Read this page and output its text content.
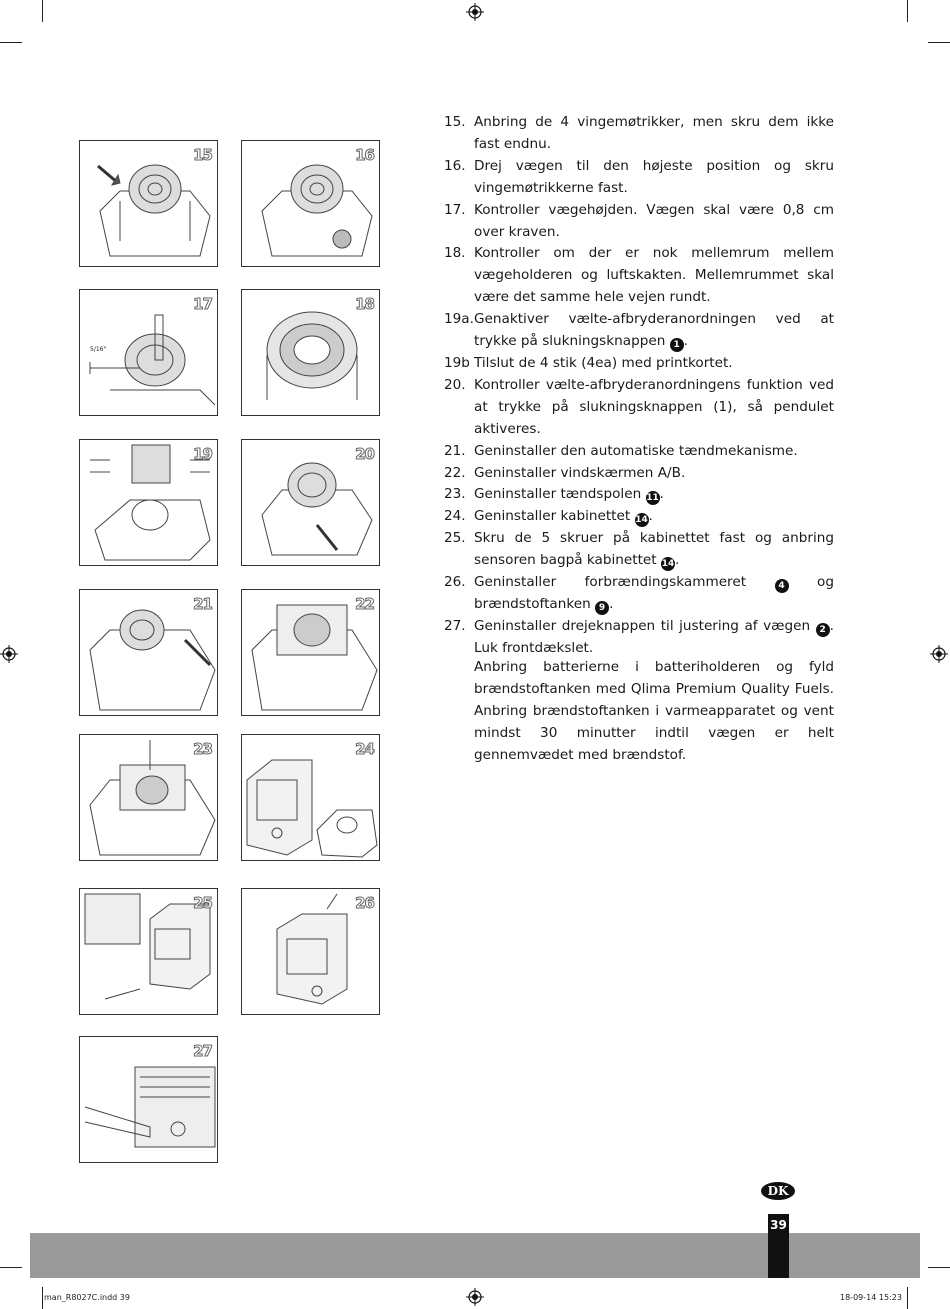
15	16
5/16"
17	18
19	20
21	22
23	24
25	26
27
15. Anbring de 4 vingemøtrikker, men skru dem ikke fast endnu.
16. Drej vægen til den højeste position og skru vingemøtrikkerne fast.
17. Kontroller vægehøjden. Vægen skal være 0,8 cm over kraven.
18. Kontroller om der er nok mellemrum mellem vægeholderen og luftskakten. Mellemrummet skal være det samme hele vejen rundt.
19a. Genaktiver vælte-afbryderanordningen ved at trykke på slukningsknappen 1 .
19b Tilslut de 4 stik (4ea) med printkortet.
20. Kontroller vælte-afbryderanordningens funktion ved at trykke på slukningsknappen (1), så pendulet aktiveres.
21. Geninstaller den automatiske tændmekanisme.
22. Geninstaller vindskærmen A/B.
23. Geninstaller tændspolen 11.
24. Geninstaller kabinettet 14.
25. Skru de 5 skruer på kabinettet fast og anbring sensoren bagpå kabinettet 14.
26. Geninstaller forbrændingskammeret 4 og brændstoftanken 9 .
27. Geninstaller drejeknappen til justering af vægen 2 . Luk frontdækslet.
Anbring batterierne i batteriholderen og fyld brændstoftanken med Qlima Premium Quality Fuels. Anbring brændstoftanken i varmeapparatet og vent mindst 30 minutter indtil vægen er helt gennemvædet med brændstof.
DK
39
man_R8027C.indd 39	18-09-14 15:23
